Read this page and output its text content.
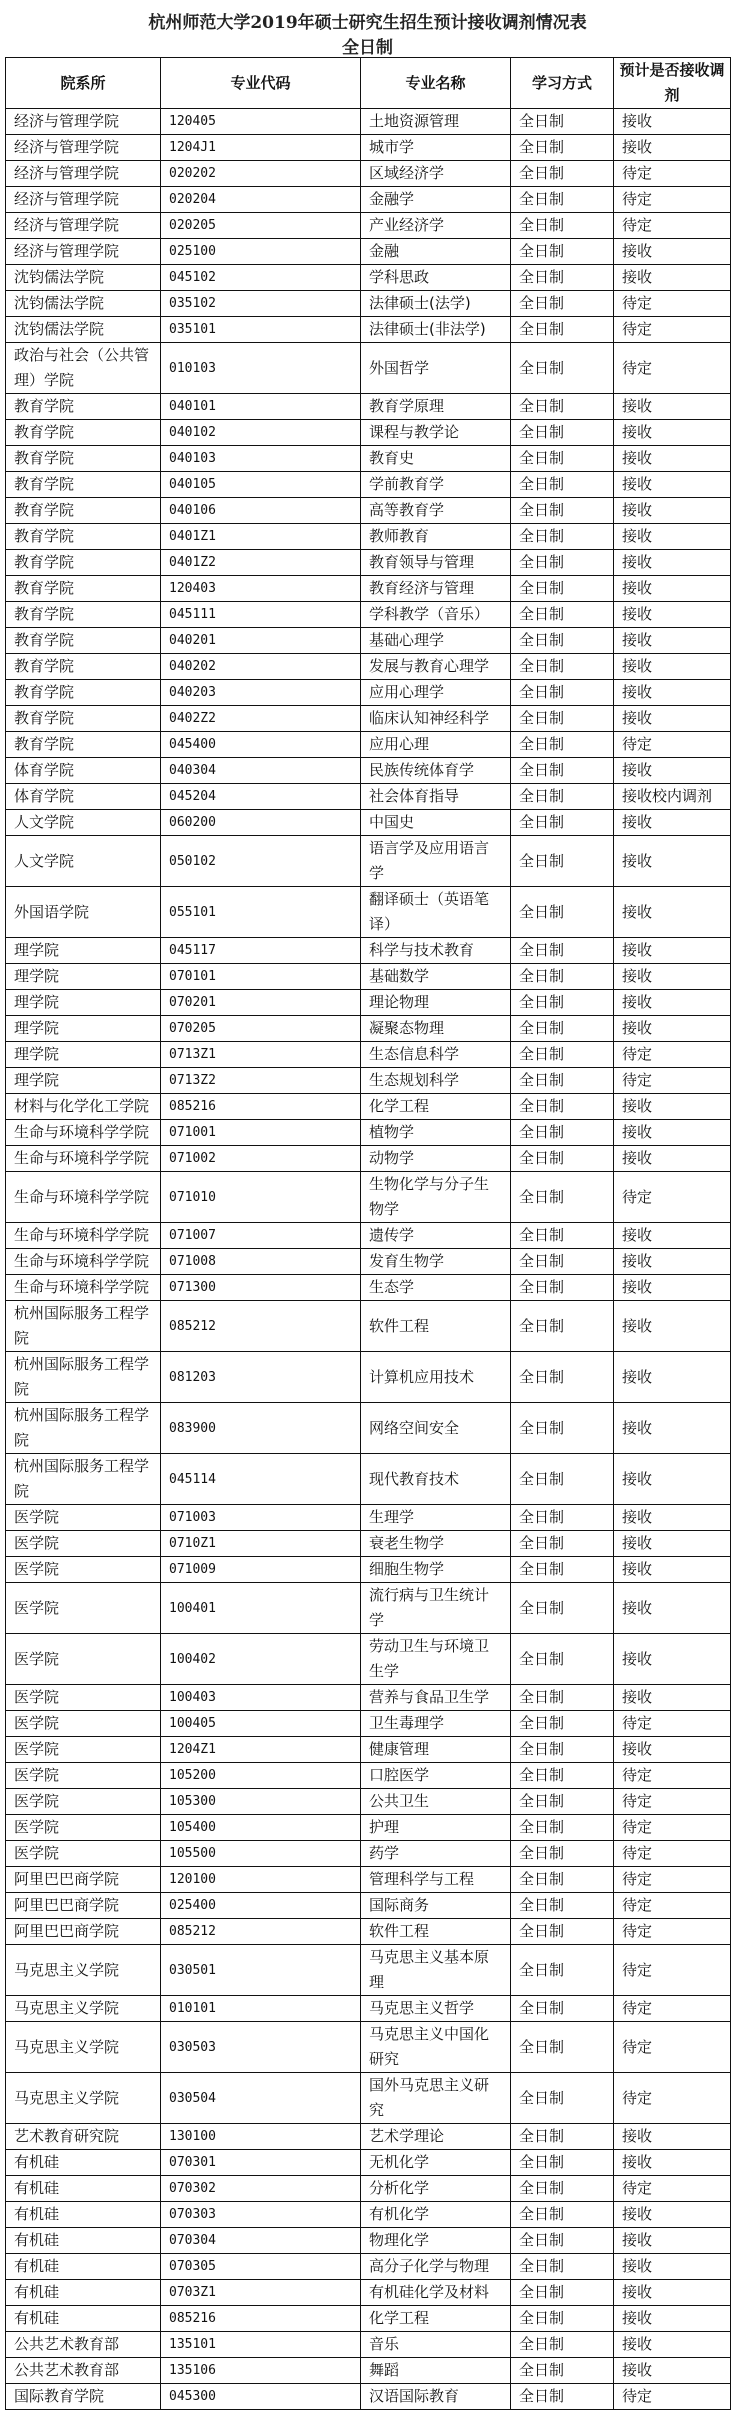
杭州师范大学2019年硕士研究生招生预计接收调剂情况表
全日制
院系所	专业代码	专业名称	学习方式	预计是否接收调剂
经济与管理学院	120405	土地资源管理	全日制	接收
经济与管理学院	1204J1	城市学	全日制	接收
经济与管理学院	020202	区域经济学	全日制	待定
经济与管理学院	020204	金融学	全日制	待定
经济与管理学院	020205	产业经济学	全日制	待定
经济与管理学院	025100	金融	全日制	接收
沈钧儒法学院	045102	学科思政	全日制	接收
沈钧儒法学院	035102	法律硕士(法学)	全日制	待定
沈钧儒法学院	035101	法律硕士(非法学)	全日制	待定
政治与社会（公共管理）学院	010103	外国哲学	全日制	待定
教育学院	040101	教育学原理	全日制	接收
教育学院	040102	课程与教学论	全日制	接收
教育学院	040103	教育史	全日制	接收
教育学院	040105	学前教育学	全日制	接收
教育学院	040106	高等教育学	全日制	接收
教育学院	0401Z1	教师教育	全日制	接收
教育学院	0401Z2	教育领导与管理	全日制	接收
教育学院	120403	教育经济与管理	全日制	接收
教育学院	045111	学科教学（音乐）	全日制	接收
教育学院	040201	基础心理学	全日制	接收
教育学院	040202	发展与教育心理学	全日制	接收
教育学院	040203	应用心理学	全日制	接收
教育学院	0402Z2	临床认知神经科学	全日制	接收
教育学院	045400	应用心理	全日制	待定
体育学院	040304	民族传统体育学	全日制	接收
体育学院	045204	社会体育指导	全日制	接收校内调剂
人文学院	060200	中国史	全日制	接收
人文学院	050102	语言学及应用语言学	全日制	接收
外国语学院	055101	翻译硕士（英语笔译）	全日制	接收
理学院	045117	科学与技术教育	全日制	接收
理学院	070101	基础数学	全日制	接收
理学院	070201	理论物理	全日制	接收
理学院	070205	凝聚态物理	全日制	接收
理学院	0713Z1	生态信息科学	全日制	待定
理学院	0713Z2	生态规划科学	全日制	待定
材料与化学化工学院	085216	化学工程	全日制	接收
生命与环境科学学院	071001	植物学	全日制	接收
生命与环境科学学院	071002	动物学	全日制	接收
生命与环境科学学院	071010	生物化学与分子生物学	全日制	待定
生命与环境科学学院	071007	遗传学	全日制	接收
生命与环境科学学院	071008	发育生物学	全日制	接收
生命与环境科学学院	071300	生态学	全日制	接收
杭州国际服务工程学院	085212	软件工程	全日制	接收
杭州国际服务工程学院	081203	计算机应用技术	全日制	接收
杭州国际服务工程学院	083900	网络空间安全	全日制	接收
杭州国际服务工程学院	045114	现代教育技术	全日制	接收
医学院	071003	生理学	全日制	接收
医学院	0710Z1	衰老生物学	全日制	接收
医学院	071009	细胞生物学	全日制	接收
医学院	100401	流行病与卫生统计学	全日制	接收
医学院	100402	劳动卫生与环境卫生学	全日制	接收
医学院	100403	营养与食品卫生学	全日制	接收
医学院	100405	卫生毒理学	全日制	待定
医学院	1204Z1	健康管理	全日制	接收
医学院	105200	口腔医学	全日制	待定
医学院	105300	公共卫生	全日制	待定
医学院	105400	护理	全日制	待定
医学院	105500	药学	全日制	待定
阿里巴巴商学院	120100	管理科学与工程	全日制	待定
阿里巴巴商学院	025400	国际商务	全日制	待定
阿里巴巴商学院	085212	软件工程	全日制	待定
马克思主义学院	030501	马克思主义基本原理	全日制	待定
马克思主义学院	010101	马克思主义哲学	全日制	待定
马克思主义学院	030503	马克思主义中国化研究	全日制	待定
马克思主义学院	030504	国外马克思主义研究	全日制	待定
艺术教育研究院	130100	艺术学理论	全日制	接收
有机硅	070301	无机化学	全日制	接收
有机硅	070302	分析化学	全日制	待定
有机硅	070303	有机化学	全日制	接收
有机硅	070304	物理化学	全日制	接收
有机硅	070305	高分子化学与物理	全日制	接收
有机硅	0703Z1	有机硅化学及材料	全日制	接收
有机硅	085216	化学工程	全日制	接收
公共艺术教育部	135101	音乐	全日制	接收
公共艺术教育部	135106	舞蹈	全日制	接收
国际教育学院	045300	汉语国际教育	全日制	待定
